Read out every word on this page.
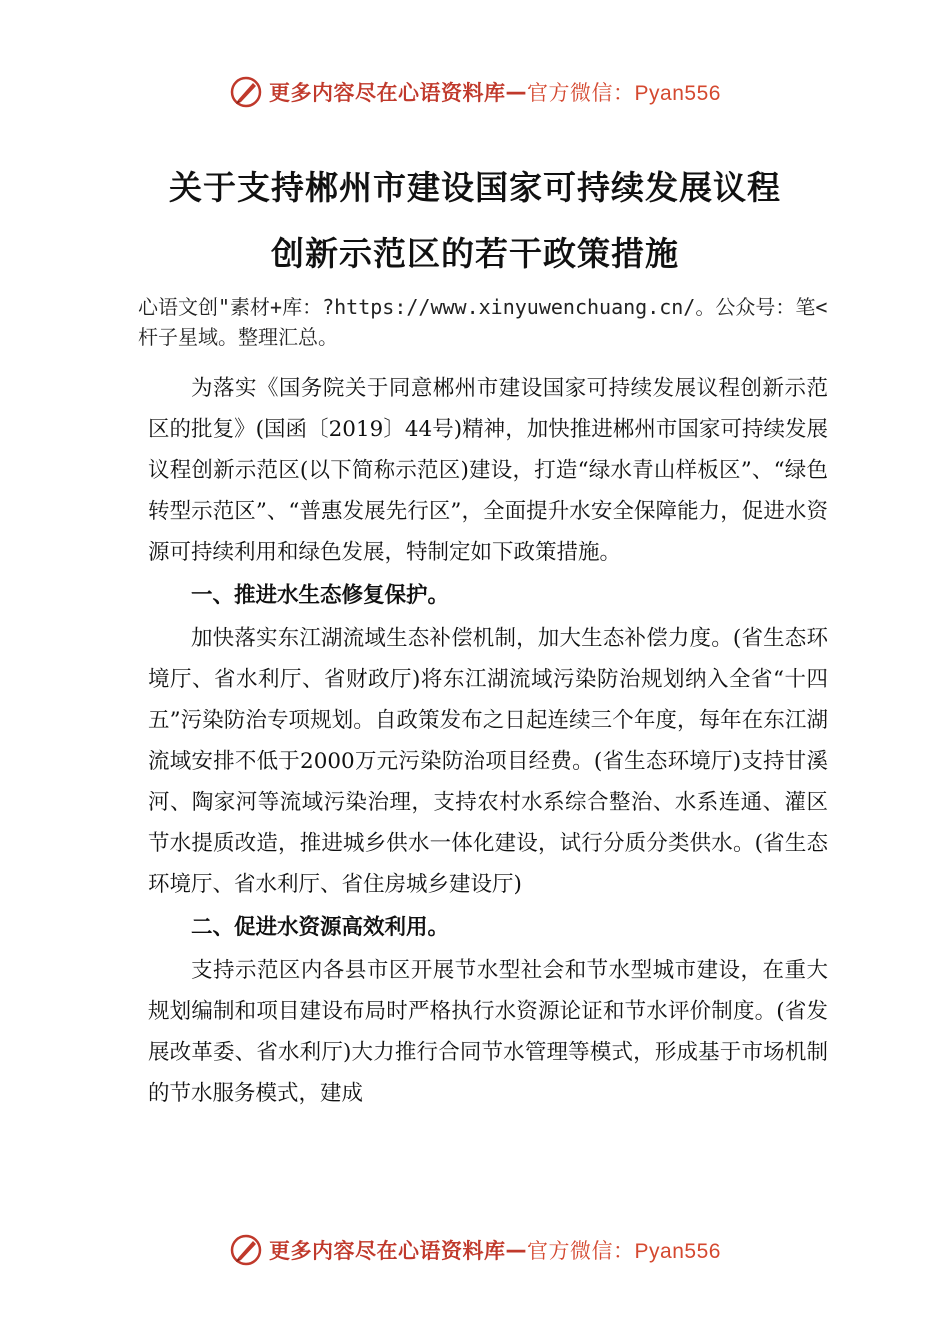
更多内容尽在心语资料库 — 官方微信：Pyan556
关于支持郴州市建设国家可持续发展议程
创新示范区的若干政策措施
心语文创"素材+库：?https://www.xinyuwenchuang.cn/。公众号：笔<杆子星域。整理汇总。

为落实《国务院关于同意郴州市建设国家可持续发展议程创新示范区的批复》(国函〔2019〕44号)精神，加快推进郴州市国家可持续发展议程创新示范区(以下简称示范区)建设，打造“绿水青山样板区”、“绿色转型示范区”、“普惠发展先行区”，全面提升水安全保障能力，促进水资源可持续利用和绿色发展，特制定如下政策措施。

一、推进水生态修复保护。

加快落实东江湖流域生态补偿机制，加大生态补偿力度。(省生态环境厅、省水利厅、省财政厅)将东江湖流域污染防治规划纳入全省“十四五”污染防治专项规划。自政策发布之日起连续三个年度，每年在东江湖流域安排不低于2000万元污染防治项目经费。(省生态环境厅)支持甘溪河、陶家河等流域污染治理，支持农村水系综合整治、水系连通、灌区节水提质改造，推进城乡供水一体化建设，试行分质分类供水。(省生态环境厅、省水利厅、省住房城乡建设厅)

二、促进水资源高效利用。

支持示范区内各县市区开展节水型社会和节水型城市建设，在重大规划编制和项目建设布局时严格执行水资源论证和节水评价制度。(省发展改革委、省水利厅)大力推行合同节水管理等模式，形成基于市场机制的节水服务模式，建成

更多内容尽在心语资料库 — 官方微信：Pyan556
